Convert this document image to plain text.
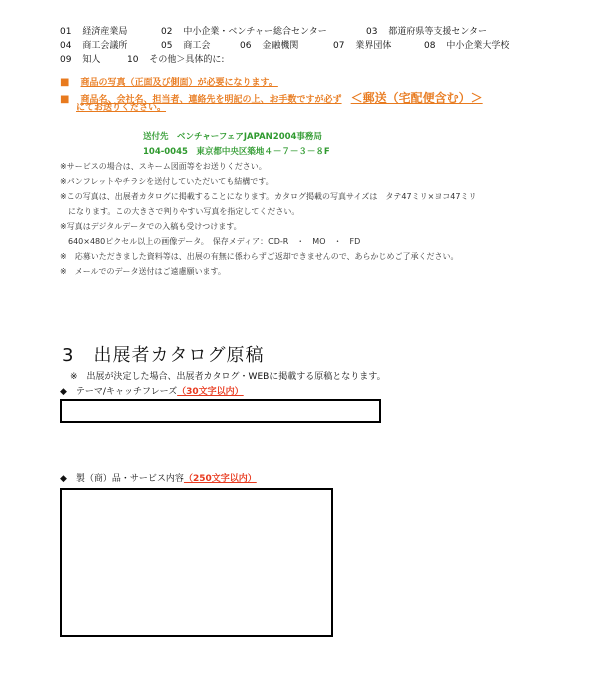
01 経済産業局	02 中小企業・ベンチャー総合センター	03 都道府県等支援センター
04 商工会議所	05 商工会	06 金融機関	07 業界団体	08 中小企業大学校
09 知人	10 その他＞具体的に:
■ 商品の写真（正面及び側面）が必要になります。
■ 商品名、会社名、担当者、連絡先を明記の上、お手数ですが必ず ＜郵送（宅配便含む）＞
にてお送りください。
送付先　ベンチャーフェアJAPAN2004事務局
104-0045　東京都中央区築地４－７－３－８F
※サービスの場合は、スキーム図面等をお送りください。
※パンフレットやチラシを送付していただいても結構です。
※この写真は、出展者カタログに掲載することになります。カタログ掲載の写真サイズは　タテ47ミリ×ヨコ47ミリ
　になります。この大きさで判りやすい写真を指定してください。
※写真はデジタルデータでの入稿も受けつけます。
　640×480ピクセル以上の画像データ。　保存メディア：CD-R　・　MO　・　FD
※　応募いただきました資料等は、出展の有無に係わらずご返却できませんので、あらかじめご了承ください。
※　メールでのデータ送付はご遠慮願います。
3　出展者カタログ原稿
※　出展が決定した場合、出展者カタログ・WEBに掲載する原稿となります。
◆　テーマ/キャッチフレーズ（30文字以内）
◆　製（商）品・サービス内容（250文字以内）
